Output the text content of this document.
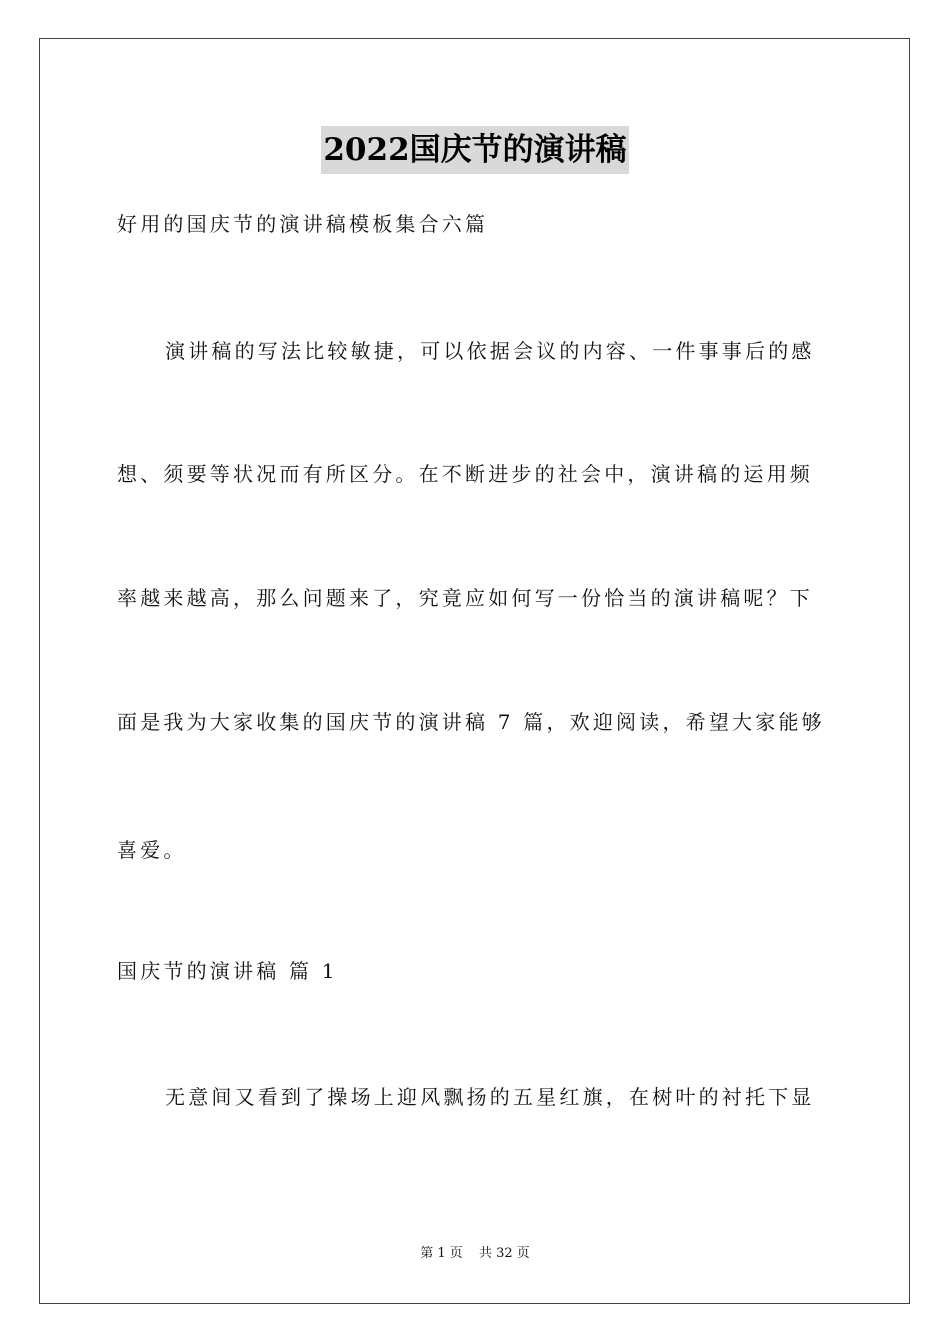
2022国庆节的演讲稿
好用的国庆节的演讲稿模板集合六篇
演讲稿的写法比较敏捷，可以依据会议的内容、一件事事后的感
想、须要等状况而有所区分。在不断进步的社会中，演讲稿的运用频
率越来越高，那么问题来了，究竟应如何写一份恰当的演讲稿呢？下
面是我为大家收集的国庆节的演讲稿 7 篇，欢迎阅读，希望大家能够
喜爱。
国庆节的演讲稿 篇 1
无意间又看到了操场上迎风飘扬的五星红旗，在树叶的衬托下显
第 1 页 共 32 页
